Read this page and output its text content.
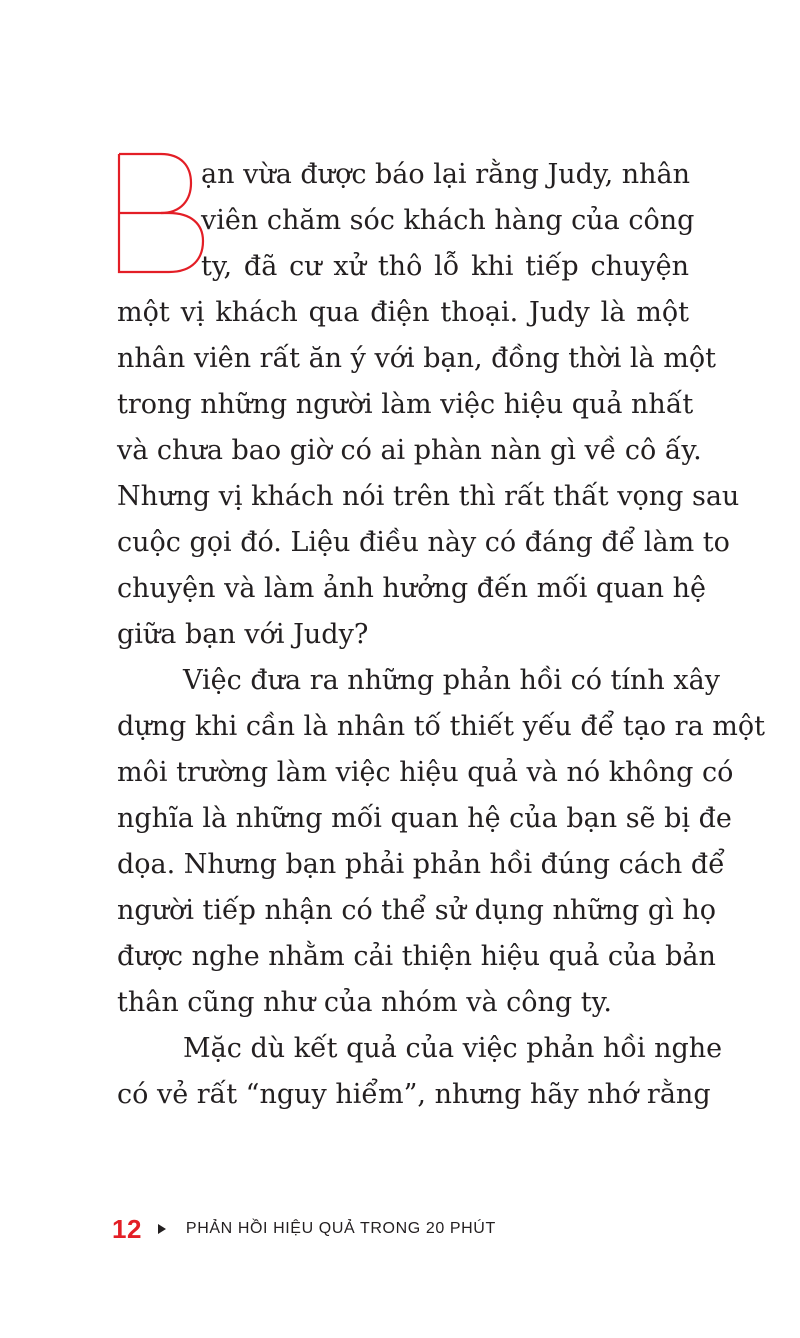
ạn vừa được báo lại rằng Judy, nhân
viên chăm sóc khách hàng của công
ty, đã cư xử thô lỗ khi tiếp chuyện
một vị khách qua điện thoại. Judy là một
nhân viên rất ăn ý với bạn, đồng thời là một
trong những người làm việc hiệu quả nhất
và chưa bao giờ có ai phàn nàn gì về cô ấy.
Nhưng vị khách nói trên thì rất thất vọng sau
cuộc gọi đó. Liệu điều này có đáng để làm to
chuyện và làm ảnh hưởng đến mối quan hệ
giữa bạn với Judy?
Việc đưa ra những phản hồi có tính xây
dựng khi cần là nhân tố thiết yếu để tạo ra một
môi trường làm việc hiệu quả và nó không có
nghĩa là những mối quan hệ của bạn sẽ bị đe
dọa. Nhưng bạn phải phản hồi đúng cách để
người tiếp nhận có thể sử dụng những gì họ
được nghe nhằm cải thiện hiệu quả của bản
thân cũng như của nhóm và công ty.
Mặc dù kết quả của việc phản hồi nghe
có vẻ rất “nguy hiểm”, nhưng hãy nhớ rằng
12	PHẢN HỒI HIỆU QUẢ TRONG 20 PHÚT
